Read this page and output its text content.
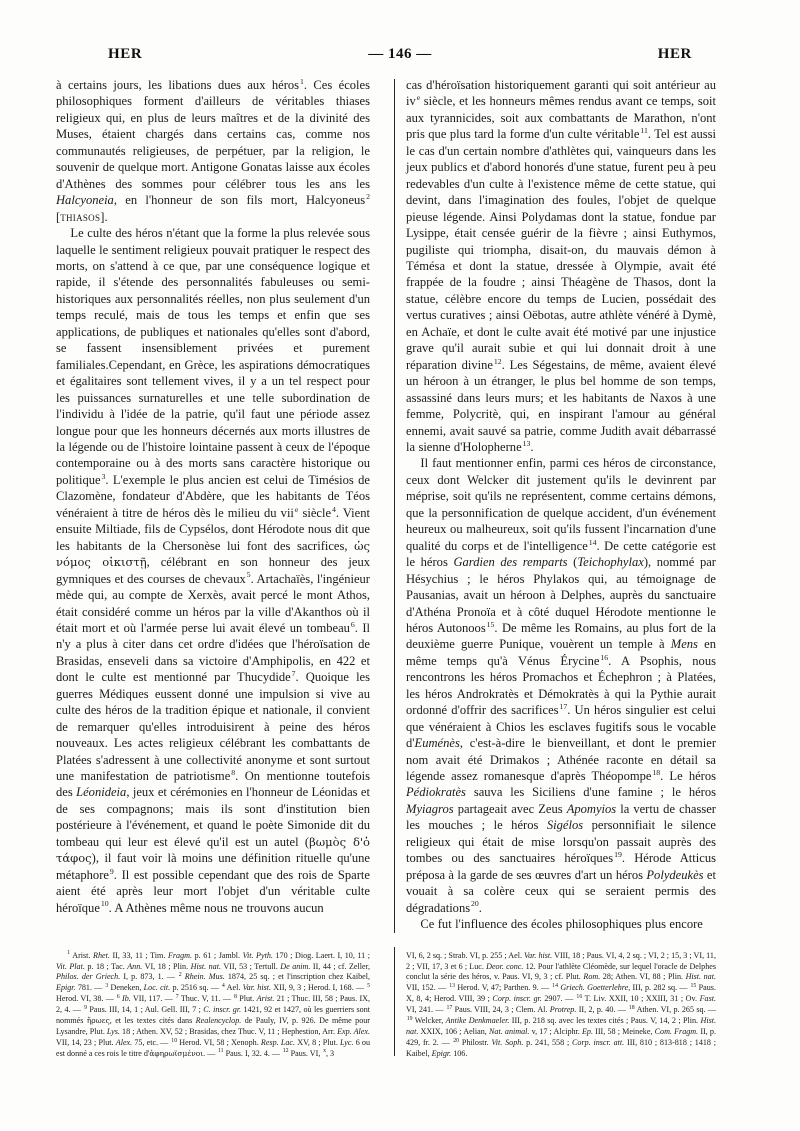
HER	— 146 —	HER

à certains jours, les libations dues aux héros$^1$. Ces écoles philosophiques forment d'ailleurs de véritables thiases religieux qui, en plus de leurs maîtres et de la divinité des Muses, étaient chargés dans certains cas, comme nos communautés religieuses, de perpétuer, par la religion, le souvenir de quelque mort. Antigone Gonatas laisse aux écoles d'Athènes des sommes pour célébrer tous les ans les Halcyoneia, en l'honneur de son fils mort, Halcyoneus$^2$ [thiasos].

Le culte des héros n'étant que la forme la plus relevée sous laquelle le sentiment religieux pouvait pratiquer le respect des morts, on s'attend à ce que, par une conséquence logique et rapide, il s'étende des personnalités fabuleuses ou semi-historiques aux personnalités réelles, non plus seulement d'un temps reculé, mais de tous les temps et enfin que ses applications, de publiques et nationales qu'elles sont d'abord, se fassent insensiblement privées et purement familiales.Cependant, en Grèce, les aspirations démocratiques et égalitaires sont tellement vives, il y a un tel respect pour les puissances surnaturelles et une telle subordination de l'individu à l'idée de la patrie, qu'il faut une période assez longue pour que les honneurs décernés aux morts illustres de la légende ou de l'histoire lointaine passent à ceux de l'époque contemporaine ou à des morts sans caractère historique ou politique$^3$. L'exemple le plus ancien est celui de Timésios de Clazomène, fondateur d'Abdère, que les habitants de Téos vénéraient à titre de héros dès le milieu du vii$^e$ siècle$^4$. Vient ensuite Miltiade, fils de Cypsélos, dont Hérodote nous dit que les habitants de la Chersonèse lui font des sacrifices, ὡς νόμος οἰκιστῇ, célébrant en son honneur des jeux gymniques et des courses de chevaux$^5$. Artachaïès, l'ingénieur mède qui, au compte de Xerxès, avait percé le mont Athos, était considéré comme un héros par la ville d'Akanthos où il était mort et où l'armée perse lui avait élevé un tombeau$^6$. Il n'y a plus à citer dans cet ordre d'idées que l'héroïsation de Brasidas, enseveli dans sa victoire d'Amphipolis, en 422 et dont le culte est mentionné par Thucydide$^7$. Quoique les guerres Médiques eussent donné une impulsion si vive au culte des héros de la tradition épique et nationale, il convient de remarquer qu'elles introduisirent à peine des héros nouveaux. Les actes religieux célébrant les combattants de Platées s'adressent à une collectivité anonyme et sont surtout une manifestation de patriotisme$^8$. On mentionne toutefois des Léonideia, jeux et cérémonies en l'honneur de Léonidas et de ses compagnons; mais ils sont d'institution bien postérieure à l'événement, et quand le poète Simonide dit du tombeau qui leur est élevé qu'il est un autel (βωμὸς δ'ὁ τάφος), il faut voir là moins une définition rituelle qu'une métaphore$^9$. Il est possible cependant que des rois de Sparte aient été après leur mort l'objet d'un véritable culte héroïque$^{10}$. A Athènes même nous ne trouvons aucun

cas d'héroïsation historiquement garanti qui soit antérieur au $iv^e$ siècle, et les honneurs mêmes rendus avant ce temps, soit aux tyrannicides, soit aux combattants de Marathon, n'ont pris que plus tard la forme d'un culte véritable$^{11}$. Tel est aussi le cas d'un certain nombre d'athlètes qui, vainqueurs dans les jeux publics et d'abord honorés d'une statue, furent peu à peu redevables d'un culte à l'existence même de cette statue, qui devint, dans l'imagination des foules, l'objet de quelque pieuse légende. Ainsi Polydamas dont la statue, fondue par Lysippe, était censée guérir de la fièvre ; ainsi Euthymos, pugiliste qui triompha, disait-on, du mauvais démon à Témésa et dont la statue, dressée à Olympie, avait été frappée de la foudre ; ainsi Théagène de Thasos, dont la statue, célèbre encore du temps de Lucien, possédait des vertus curatives ; ainsi Oëbotas, autre athlète vénéré à Dymè, en Achaïe, et dont le culte avait été motivé par une injustice grave qu'il aurait subie et qui lui donnait droit à une réparation divine$^{12}$. Les Ségestains, de même, avaient élevé un héroon à un étranger, le plus bel homme de son temps, assassiné dans leurs murs; et les habitants de Naxos à une femme, Polycritè, qui, en inspirant l'amour au général ennemi, avait sauvé sa patrie, comme Judith avait débarrassé la sienne d'Holopherne$^{13}$.

Il faut mentionner enfin, parmi ces héros de circonstance, ceux dont Welcker dit justement qu'ils le devinrent par méprise, soit qu'ils ne représentent, comme certains démons, que la personnification de quelque accident, d'un événement heureux ou malheureux, soit qu'ils fussent l'incarnation d'une qualité du corps et de l'intelligence$^{14}$. De cette catégorie est le héros Gardien des remparts (Teichophylax), nommé par Hésychius ; le héros Phylakos qui, au témoignage de Pausanias, avait un héroon à Delphes, auprès du sanctuaire d'Athéna Pronoïa et à côté duquel Hérodote mentionne le héros Autonoos$^{15}$. De même les Romains, au plus fort de la deuxième guerre Punique, vouèrent un temple à Mens en même temps qu'à Vénus Érycine$^{16}$. A Psophis, nous rencontrons les héros Promachos et Échephron ; à Platées, les héros Androkratès et Démokratès à qui la Pythie aurait ordonné d'offrir des sacrifices$^{17}$. Un héros singulier est celui que vénéraient à Chios les esclaves fugitifs sous le vocable d'Euménès, c'est-à-dire le bienveillant, et dont le premier nom avait été Drimakos ; Athénée raconte en détail sa légende assez romanesque d'après Théopompe$^{18}$. Le héros Pédiokratès sauva les Siciliens d'une famine ; le héros Myiagros partageait avec Zeus Apomyios la vertu de chasser les mouches ; le héros Sigélos personnifiait le silence religieux qui était de mise lorsqu'on passait auprès des tombes ou des sanctuaires héroïques$^{19}$. Hérode Atticus préposa à la garde de ses œuvres d'art un héros Polydeukès et vouait à sa colère ceux qui se seraient permis des dégradations$^{20}$.

Ce fut l'influence des écoles philosophiques plus encore

$^1$ Arist. Rhet. II, 33, 11 ; Tim. Fragm. p. 61 ; Jambl. Vit. Pyth. 170 ; Diog. Laert. I, 10, 11 ; Vit. Plat. p. 18 ; Tac. Ann. VI, 18 ; Plin. Hist. nat. VII, 53 ; Tertull. De anim. II, 44 ; cf. Zeller, Philos. der Griech. I, p. 873, 1. — $^2$ Rhein. Mus. 1874, 25 sq. ; et l'inscription chez Kaibel, Epigr. 781. — $^3$ Deneken, Loc. cit. p. 2516 sq. — $^4$ Ael. Var. hist. XII, 9, 3 ; Herod. I, 168. — $^5$ Herod. VI, 38. — $^6$ Ib. VII, 117. — $^7$ Thuc. V, 11. — $^8$ Plut. Arist. 21 ; Thuc. III, 58 ; Paus. IX, 2, 4. — $^9$ Paus. III, 14, 1 ; Aul. Gell. III, 7 ; C. inscr. gr. 1421, 92 et 1427, où les guerriers sont nommés ἥρωες, et les textes cités dans Realencyclop. de Pauly, IV, p. 926. De même pour Lysandre, Plut. Lys. 18 ; Athen. XV, 52 ; Brasidas, chez Thuc. V, 11 ; Hephestion, Arr. Exp. Alex. VII, 14, 23 ; Plut. Alex. 75, etc. — $^{10}$ Herod. VI, 58 ; Xenoph. Resp. Lac. XV, 8 ; Plut. Lyc. 6 ou est donné a ces rois le titre d'ἀφηρωϊσμένοι. — $^{11}$ Paus. I, 32. 4. — $^{12}$ Paus. VI, $^x$, 3

VI, 6, 2 sq. ; Strab. VI, p. 255 ; Ael. Var. hist. VIII, 18 ; Paus. VI, 4, 2 sq. ; VI, 2 ; 15, 3 ; VI, 11, 2 ; VII, 17, 3 et 6 ; Luc. Deor. conc. 12. Pour l'athlète Cléomède, sur lequel l'oracle de Delphes conclut la série des héros, v. Paus. VI, 9, 3 ; cf. Plut. Rom. 28; Athen. VI, 88 ; Plin. Hist. nat. VII, 152. — $^{13}$ Herod. V, 47; Parthen. 9. — $^{14}$ Griech. Goetterlehre, III, p. 282 sq. — $^{15}$ Paus. X, 8, 4; Herod. VIII, 39 ; Corp. inscr. gr. 2907. — $^{16}$ T. Liv. XXII, 10 ; XXIII, 31 ; Ov. Fast. VI, 241. — $^{17}$ Paus. VIII, 24, 3 ; Clem. Al. Protrep. II, 2, p. 40. — $^{18}$ Athen. VI, p. 265 sq. — $^{19}$ Welcker, Antike Denkmaeler. III, p. 218 sq. avec les textes cités ; Paus. V, 14, 2 ; Plin. Hist. nat. XXIX, 106 ; Aelian, Nat. animal. v, 17 ; Alciphr. Ep. III, 58 ; Meineke, Com. Fragm. II, p. 429, fr. 2. — $^{20}$ Philostr. Vit. Soph. p. 241, 558 ; Corp. inscr. att. III, 810 ; 813-818 ; 1418 ; Kaibel, Epigr. 106.
